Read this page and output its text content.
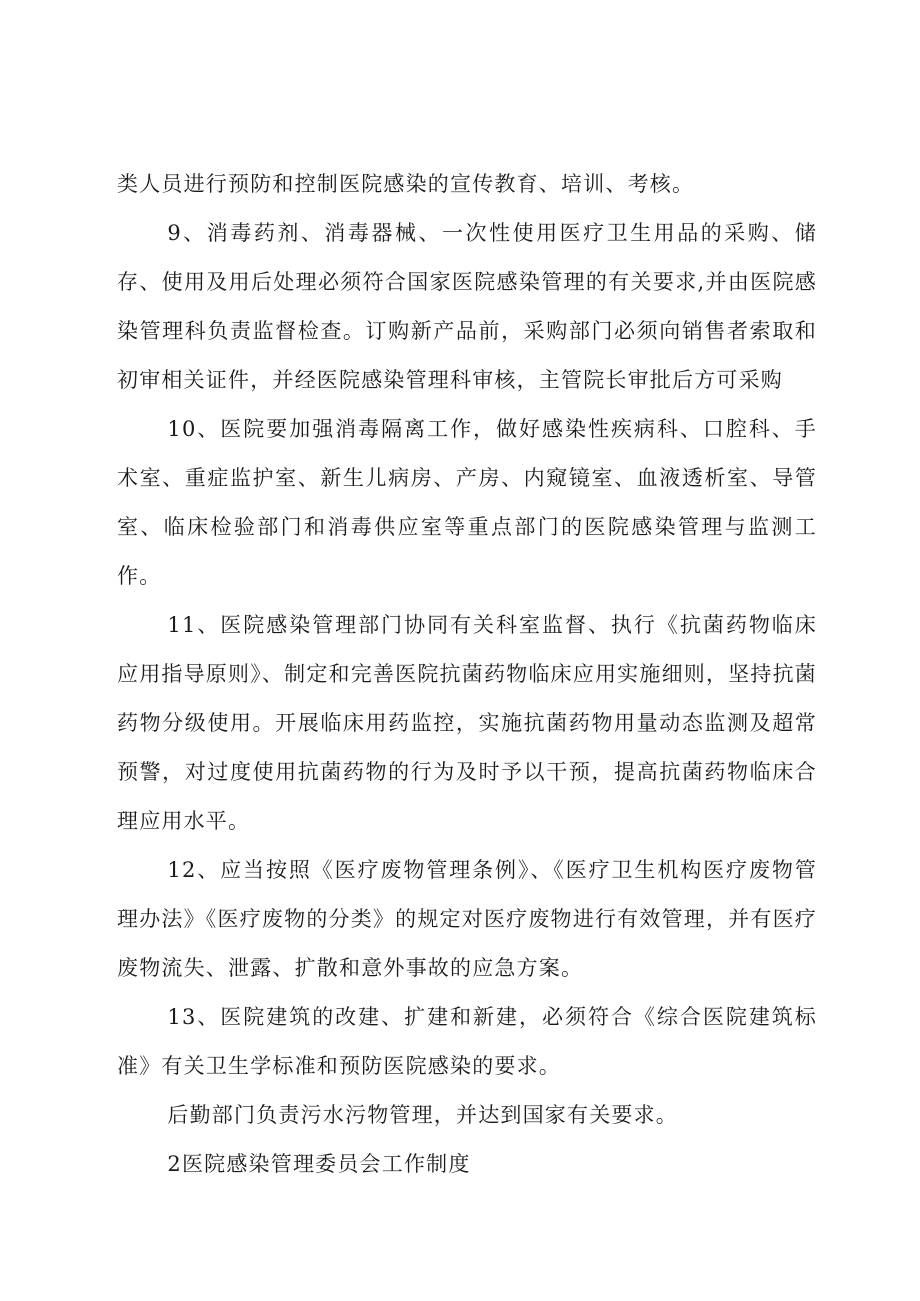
类人员进行预防和控制医院感染的宣传教育、培训、考核。

9、消毒药剂、消毒器械、一次性使用医疗卫生用品的采购、储存、使用及用后处理必须符合国家医院感染管理的有关要求,并由医院感染管理科负责监督检查。订购新产品前，采购部门必须向销售者索取和初审相关证件，并经医院感染管理科审核，主管院长审批后方可采购

10、医院要加强消毒隔离工作，做好感染性疾病科、口腔科、手术室、重症监护室、新生儿病房、产房、内窥镜室、血液透析室、导管室、临床检验部门和消毒供应室等重点部门的医院感染管理与监测工作。

11、医院感染管理部门协同有关科室监督、执行《抗菌药物临床应用指导原则》、制定和完善医院抗菌药物临床应用实施细则，坚持抗菌药物分级使用。开展临床用药监控，实施抗菌药物用量动态监测及超常预警，对过度使用抗菌药物的行为及时予以干预，提高抗菌药物临床合理应用水平。

12、应当按照《医疗废物管理条例》、《医疗卫生机构医疗废物管理办法》《医疗废物的分类》的规定对医疗废物进行有效管理，并有医疗废物流失、泄露、扩散和意外事故的应急方案。

13、医院建筑的改建、扩建和新建，必须符合《综合医院建筑标准》有关卫生学标准和预防医院感染的要求。

后勤部门负责污水污物管理，并达到国家有关要求。

2医院感染管理委员会工作制度
